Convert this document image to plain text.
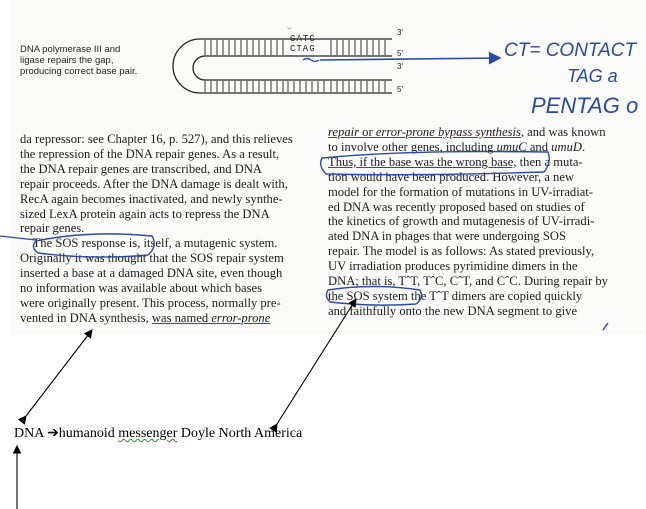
DNA polymerase III and
ligase repairs the gap,
producing correct base pair.
⌣
GATC
CTAG
3'
5'
3'
5'
CT= CONTACT
TAG a
PENTAG o
da repressor: see Chapter 16, p. 527), and this relieves
the repression of the DNA repair genes. As a result,
the DNA repair genes are transcribed, and DNA
repair proceeds. After the DNA damage is dealt with,
RecA again becomes inactivated, and newly synthe-
sized LexA protein again acts to repress the DNA
repair genes.
The SOS response is, itself, a mutagenic system.
Originally it was thought that the SOS repair system
inserted a base at a damaged DNA site, even though
no information was available about which bases
were originally present. This process, normally pre-
vented in DNA synthesis, was named error-prone
repair or error-prone bypass synthesis, and was known
to involve other genes, including umuC and umuD.
Thus, if the base was the wrong base, then a muta-
tion would have been produced. However, a new
model for the formation of mutations in UV-irradiat-
ed DNA was recently proposed based on studies of
the kinetics of growth and mutagenesis of UV-irradi-
ated DNA in phages that were undergoing SOS
repair. The model is as follows: As stated previously,
UV irradiation produces pyrimidine dimers in the
DNA; that is, TˆT, TˆC, CˆT, and CˆC. During repair by
the SOS system the TˆT dimers are copied quickly
and faithfully onto the new DNA segment to give
DNA ➔humanoid messenger Doyle North America
